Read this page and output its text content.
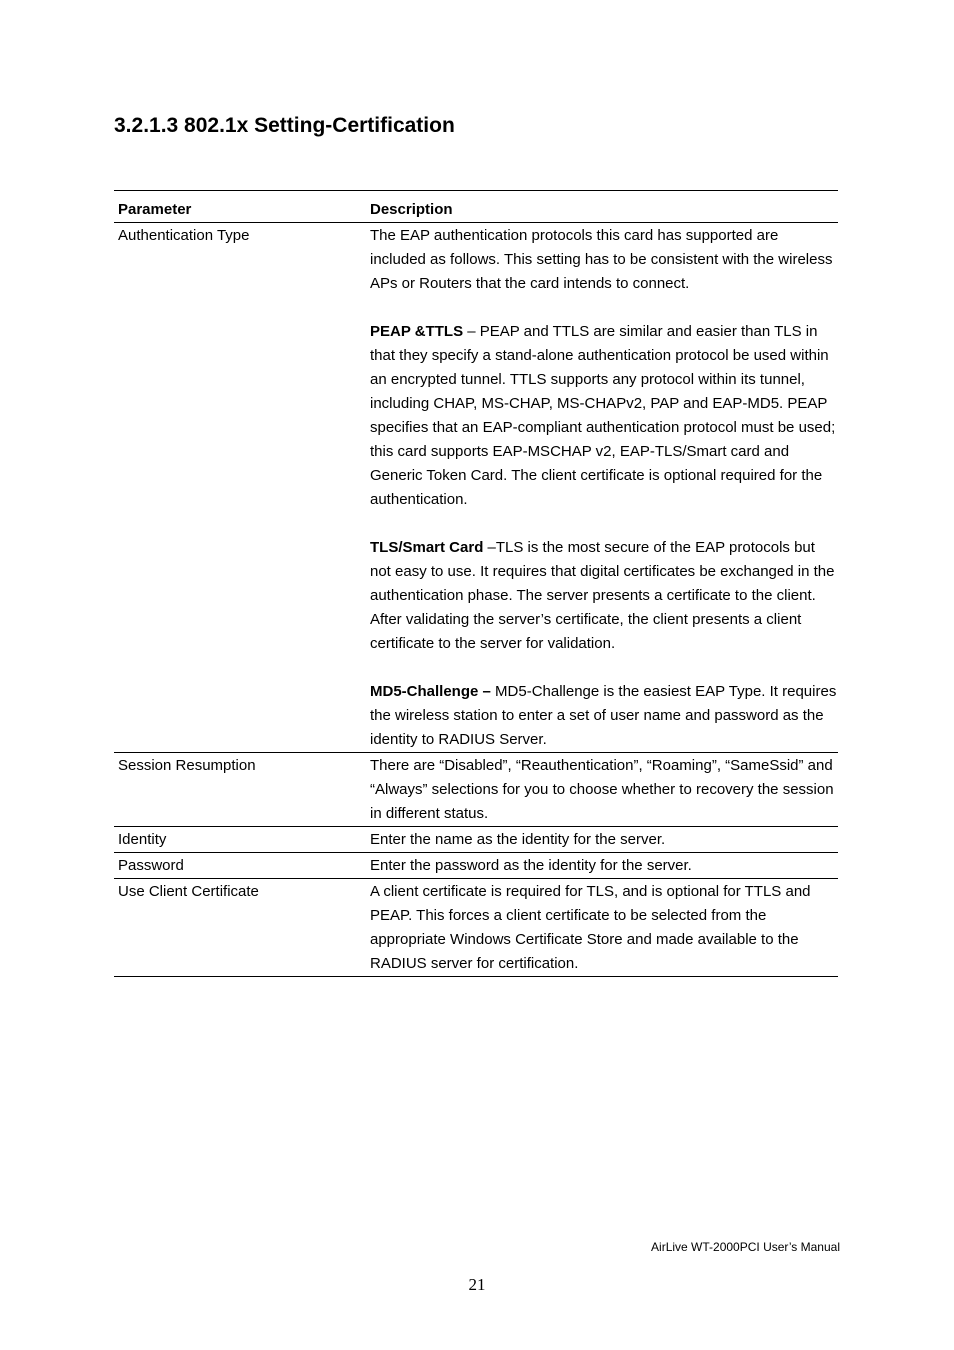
3.2.1.3 802.1x Setting-Certification
Parameter	Description
Authentication Type	The EAP authentication protocols this card has supported are included as follows. This setting has to be consistent with the wireless APs or Routers that the card intends to connect.

PEAP &TTLS – PEAP and TTLS are similar and easier than TLS in that they specify a stand-alone authentication protocol be used within an encrypted tunnel. TTLS supports any protocol within its tunnel, including CHAP, MS-CHAP, MS-CHAPv2, PAP and EAP-MD5. PEAP specifies that an EAP-compliant authentication protocol must be used; this card supports EAP-MSCHAP v2, EAP-TLS/Smart card and Generic Token Card. The client certificate is optional required for the authentication.

TLS/Smart Card –TLS is the most secure of the EAP protocols but not easy to use. It requires that digital certificates be exchanged in the authentication phase. The server presents a certificate to the client. After validating the server’s certificate, the client presents a client certificate to the server for validation.

MD5-Challenge – MD5-Challenge is the easiest EAP Type. It requires the wireless station to enter a set of user name and password as the identity to RADIUS Server.

Session Resumption	There are “Disabled”, “Reauthentication”, “Roaming”, “SameSsid” and “Always” selections for you to choose whether to recovery the session in different status.

Identity	Enter the name as the identity for the server.

Password	Enter the password as the identity for the server.

Use Client Certificate	A client certificate is required for TLS, and is optional for TTLS and PEAP. This forces a client certificate to be selected from the appropriate Windows Certificate Store and made available to the RADIUS server for certification.

AirLive WT-2000PCI User’s Manual
21
